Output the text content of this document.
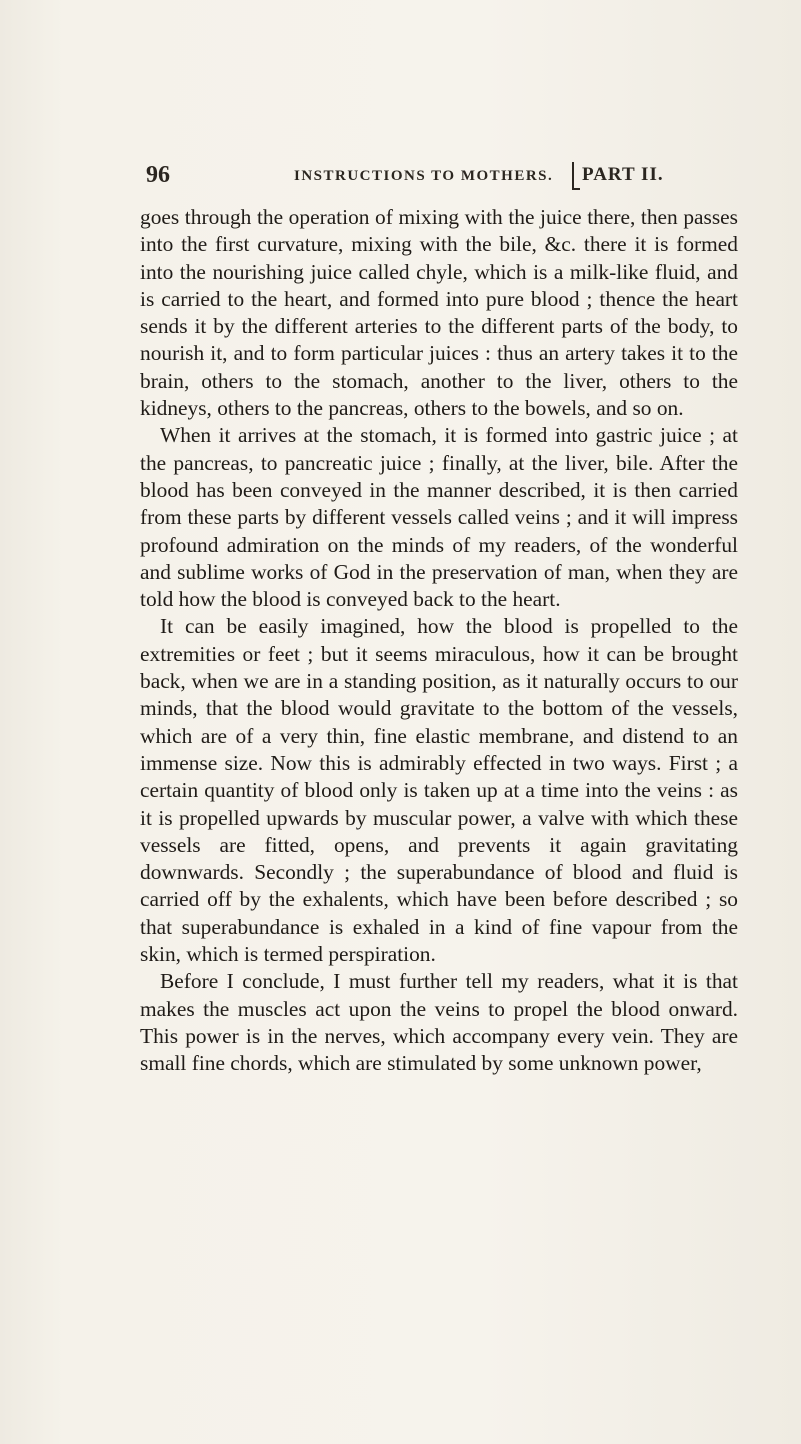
96	INSTRUCTIONS TO MOTHERS. PART II.

goes through the operation of mixing with the juice there, then passes into the first curvature, mixing with the bile, &c. there it is formed into the nourishing juice called chyle, which is a milk-like fluid, and is carried to the heart, and formed into pure blood ; thence the heart sends it by the different arteries to the different parts of the body, to nourish it, and to form particular juices : thus an artery takes it to the brain, others to the stomach, another to the liver, others to the kidneys, others to the pancreas, others to the bowels, and so on.

When it arrives at the stomach, it is formed into gastric juice ; at the pancreas, to pancreatic juice ; finally, at the liver, bile. After the blood has been conveyed in the manner described, it is then carried from these parts by different vessels called veins ; and it will impress profound admiration on the minds of my readers, of the wonderful and sublime works of God in the preservation of man, when they are told how the blood is conveyed back to the heart.

It can be easily imagined, how the blood is propelled to the extremities or feet ; but it seems miraculous, how it can be brought back, when we are in a standing position, as it naturally occurs to our minds, that the blood would gravitate to the bottom of the vessels, which are of a very thin, fine elastic membrane, and distend to an immense size. Now this is admirably effected in two ways. First ; a certain quantity of blood only is taken up at a time into the veins : as it is propelled upwards by muscular power, a valve with which these vessels are fitted, opens, and prevents it again gravitating downwards. Secondly ; the superabundance of blood and fluid is carried off by the exhalents, which have been before described ; so that superabundance is exhaled in a kind of fine vapour from the skin, which is termed perspiration.

Before I conclude, I must further tell my readers, what it is that makes the muscles act upon the veins to propel the blood onward. This power is in the nerves, which accompany every vein. They are small fine chords, which are stimulated by some unknown power,
